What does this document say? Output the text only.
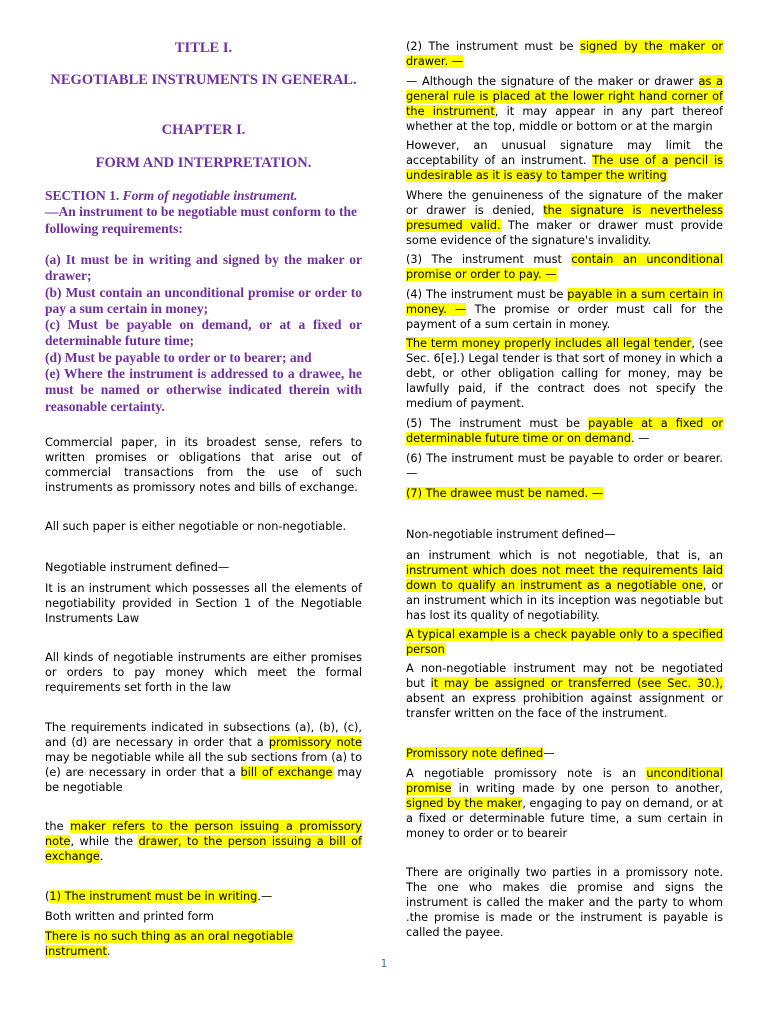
TITLE I.
NEGOTIABLE INSTRUMENTS IN GENERAL.
CHAPTER I.
FORM AND INTERPRETATION.
SECTION 1. Form of negotiable instrument.
—An instrument to be negotiable must conform to the following requirements:
(a) It must be in writing and signed by the maker or drawer;
(b) Must contain an unconditional promise or order to pay a sum certain in money;
(c) Must be payable on demand, or at a fixed or determinable future time;
(d) Must be payable to order or to bearer; and
(e) Where the instrument is addressed to a drawee, he must be named or otherwise indicated therein with reasonable certainty.
Commercial paper, in its broadest sense, refers to written promises or obligations that arise out of commercial transactions from the use of such instruments as promissory notes and bills of exchange.
All such paper is either negotiable or non-negotiable.
Negotiable instrument defined—
It is an instrument which possesses all the elements of negotiability provided in Section 1 of the Negotiable Instruments Law
All kinds of negotiable instruments are either promises or orders to pay money which meet the formal requirements set forth in the law
The requirements indicated in subsections (a), (b), (c), and (d) are necessary in order that a promissory note may be negotiable while all the sub sections from (a) to (e) are necessary in order that a bill of exchange may be negotiable
the maker refers to the person issuing a promissory note, while the drawer, to the person issuing a bill of exchange.
(1) The instrument must be in writing.—
Both written and printed form
There is no such thing as an oral negotiable instrument.
(2) The instrument must be signed by the maker or drawer. —
— Although the signature of the maker or drawer as a general rule is placed at the lower right hand corner of the instrument, it may appear in any part thereof whether at the top, middle or bottom or at the margin
However, an unusual signature may limit the acceptability of an instrument. The use of a pencil is undesirable as it is easy to tamper the writing
Where the genuineness of the signature of the maker or drawer is denied, the signature is nevertheless presumed valid. The maker or drawer must provide some evidence of the signature's invalidity.
(3) The instrument must contain an unconditional promise or order to pay. —
(4) The instrument must be payable in a sum certain in money. — The promise or order must call for the payment of a sum certain in money.
The term money properly includes all legal tender, (see Sec. 6[e].) Legal tender is that sort of money in which a debt, or other obligation calling for money, may be lawfully paid, if the contract does not specify the medium of payment.
(5) The instrument must be payable at a fixed or determinable future time or on demand. —
(6) The instrument must be payable to order or bearer. —
(7) The drawee must be named. —
Non-negotiable instrument defined—
an instrument which is not negotiable, that is, an instrument which does not meet the requirements laid down to qualify an instrument as a negotiable one, or an instrument which in its inception was negotiable but has lost its quality of negotiability.
A typical example is a check payable only to a specified person
A non-negotiable instrument may not be negotiated but it may be assigned or transferred (see Sec. 30.), absent an express prohibition against assignment or transfer written on the face of the instrument.
Promissory note defined—
A negotiable promissory note is an unconditional promise in writing made by one person to another, signed by the maker, engaging to pay on demand, or at a fixed or determinable future time, a sum certain in money to order or to beareir
There are originally two parties in a promissory note. The one who makes die promise and signs the instrument is called the maker and the party to whom .the promise is made or the instrument is payable is called the payee.
1
